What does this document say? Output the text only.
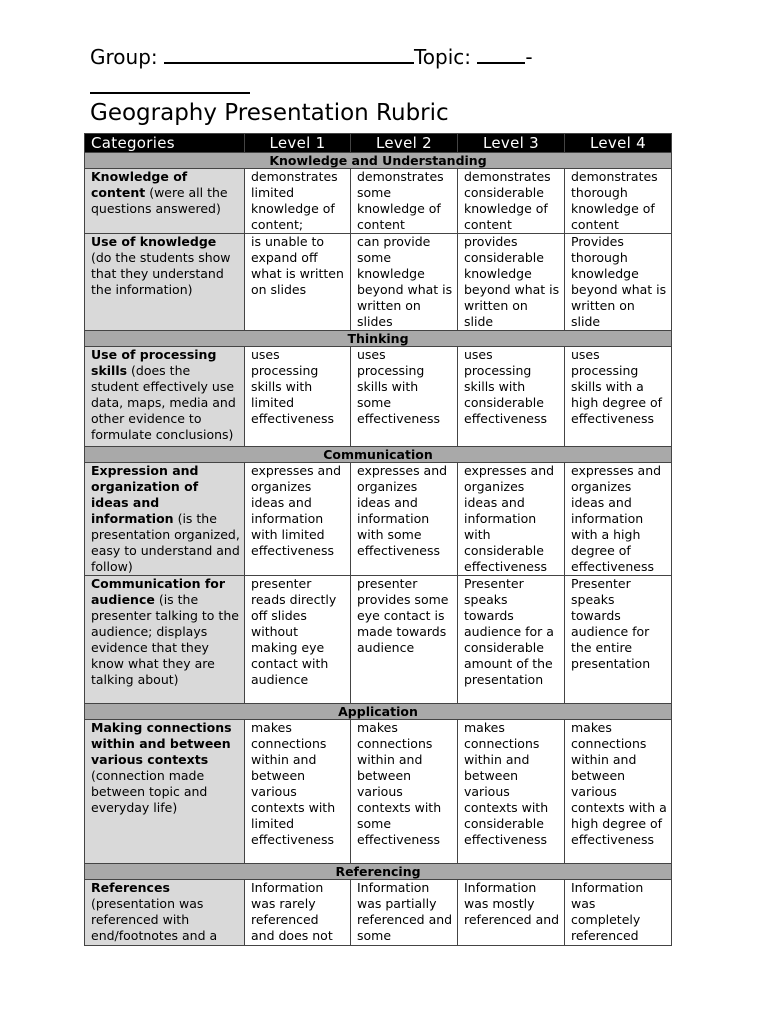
Group:	Topic: -
Geography Presentation Rubric
Categories	Level 1	Level 2	Level 3	Level 4
Knowledge and Understanding				
Knowledge of content (were all the questions answered)	demonstrates limited knowledge of content;	demonstrates some knowledge of content	demonstrates considerable knowledge of content	demonstrates thorough knowledge of content
Use of knowledge (do the students show that they understand the information)	is unable to expand off what is written on slides	can provide some knowledge beyond what is written on slides	provides considerable knowledge beyond what is written on slide	Provides thorough knowledge beyond what is written on slide
Thinking				
Use of processing skills (does the student effectively use data, maps, media and other evidence to formulate conclusions)	uses processing skills with limited effectiveness	uses processing skills with some effectiveness	uses processing skills with considerable effectiveness	uses processing skills with a high degree of effectiveness
Communication				
Expression and organization of ideas and information (is the presentation organized, easy to understand and follow)	expresses and organizes ideas and information with limited effectiveness	expresses and organizes ideas and information with some effectiveness	expresses and organizes ideas and information with considerable effectiveness	expresses and organizes ideas and information with a high degree of effectiveness
Communication for audience (is the presenter talking to the audience; displays evidence that they know what they are talking about)	presenter reads directly off slides without making eye contact with audience	presenter provides some eye contact is made towards audience	Presenter speaks towards audience for a considerable amount of the presentation	Presenter speaks towards audience for the entire presentation
Application				
Making connections within and between various contexts (connection made between topic and everyday life)	makes connections within and between various contexts with limited effectiveness	makes connections within and between various contexts with some effectiveness	makes connections within and between various contexts with considerable effectiveness	makes connections within and between various contexts with a high degree of effectiveness
Referencing				
References (presentation was referenced with end/footnotes and a	Information was rarely referenced and does not	Information was partially referenced and some	Information was mostly referenced and	Information was completely referenced
